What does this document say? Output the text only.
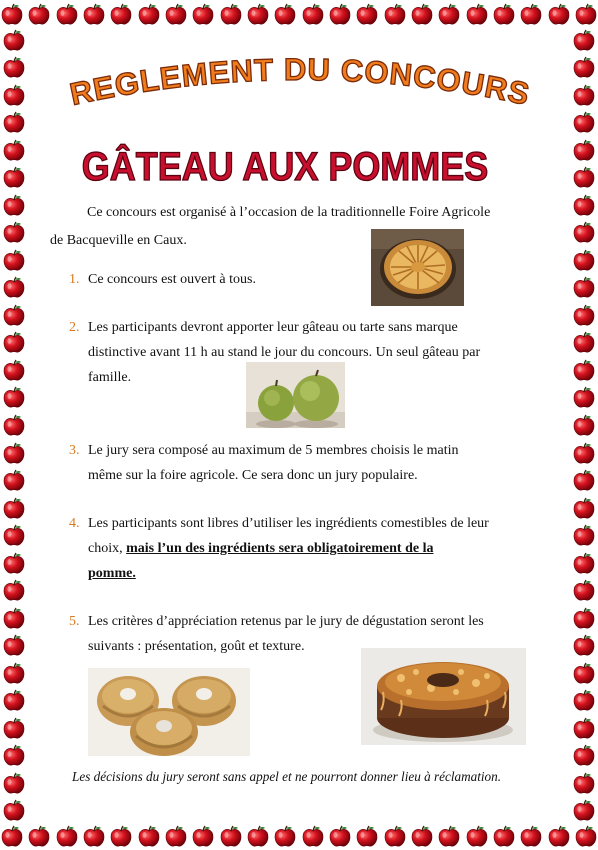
REGLEMENT DU CONCOURS
GÂTEAU AUX POMMES
Ce concours est organisé à l’occasion de la traditionnelle Foire Agricole
de Bacqueville en Caux.
1. Ce concours est ouvert à tous.
2. Les participants devront apporter leur gâteau ou tarte sans marque
distinctive avant 11 h au stand le jour du concours. Un seul gâteau par
famille.
3. Le jury sera composé au maximum de 5 membres choisis le matin
même sur la foire agricole. Ce sera donc un jury populaire.
4. Les participants sont libres d’utiliser les ingrédients comestibles de leur
choix, mais l’un des ingrédients sera obligatoirement de la
pomme.
5. Les critères d’appréciation retenus par le jury de dégustation seront les
suivants : présentation, goût et texture.
Les décisions du jury seront sans appel et ne pourront donner lieu à réclamation.
